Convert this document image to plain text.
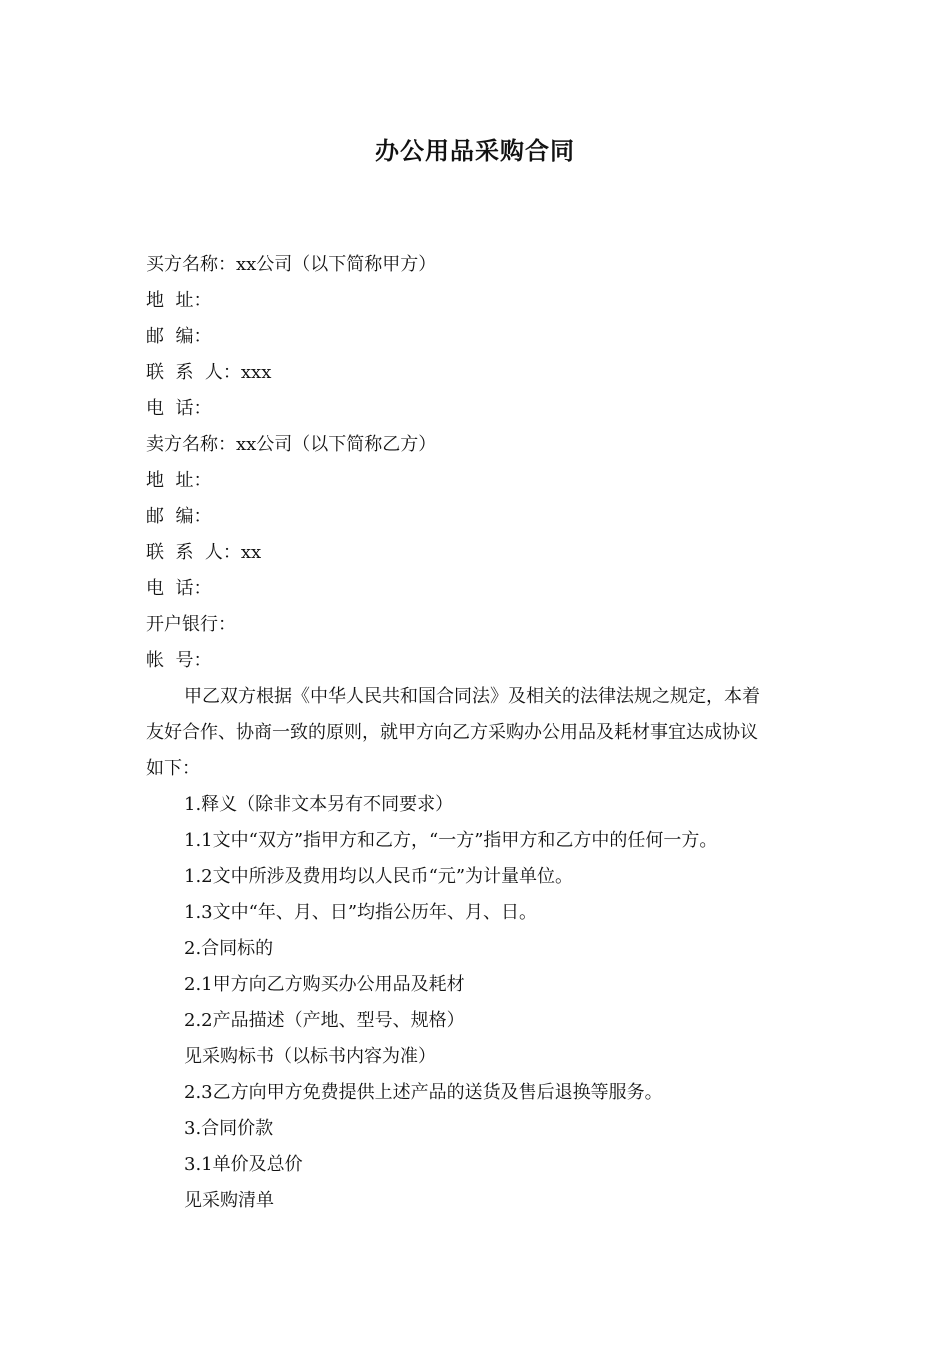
办公用品采购合同
买方名称：xx公司（以下简称甲方）
地  址：
邮  编：
联  系  人：xxx
电  话：
卖方名称：xx公司（以下简称乙方）
地  址：
邮  编：
联  系  人：xx
电  话：
开户银行：
帐  号：
甲乙双方根据《中华人民共和国合同法》及相关的法律法规之规定，本着
友好合作、协商一致的原则，就甲方向乙方采购办公用品及耗材事宜达成协议
如下：
1.释义（除非文本另有不同要求）
1.1文中“双方”指甲方和乙方，“一方”指甲方和乙方中的任何一方。
1.2文中所涉及费用均以人民币“元”为计量单位。
1.3文中“年、月、日”均指公历年、月、日。
2.合同标的
2.1甲方向乙方购买办公用品及耗材
2.2产品描述（产地、型号、规格）
见采购标书（以标书内容为准）
2.3乙方向甲方免费提供上述产品的送货及售后退换等服务。
3.合同价款
3.1单价及总价
见采购清单
